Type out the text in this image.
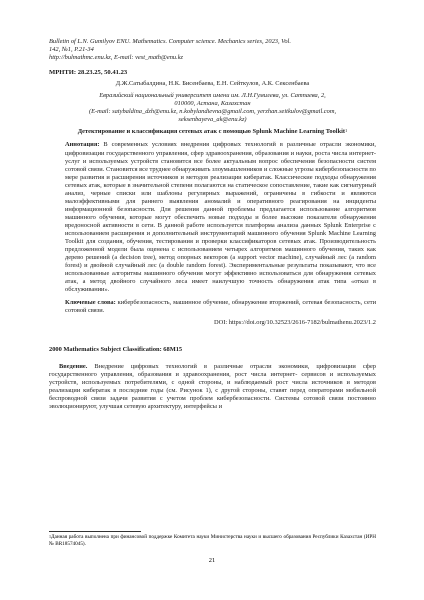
Bulletin of L.N. Gumilyov ENU. Mathematics. Computer science. Mechanics series, 2023, Vol.
142, №1, P.21-34
http://bulmathmc.enu.kz, E-mail: vest_math@enu.kz
МРНТИ: 28.23.25, 50.41.23
Д.Ж.Сатыбалдина, Н.К. Бисенбаева, Е.Н. Сейткулов, А.К. Сексенбаева
Евразийский национальный университет имени им. Л.Н.Гумилева, ул. Сатпаева, 2,
010000, Астана, Казахстан
(E-mail: satybaldina_dzh@enu.kz, n.kobylandievna@gmail.com, yerzhan.seitkulov@gmail.com,
seksenbayeva_ak@enu.kz)
Детектирование и классификация сетевых атак с помощью Splunk Machine Learning Toolkit$^1$
Аннотация: В современных условиях внедрения цифровых технологий в различные отрасли экономики, цифровизации государственного управления, сфер здравоохранения, образования и науки, роста числа интернет-услуг и используемых устройств становится все более актуальным вопрос обеспечения безопасности систем сотовой связи. Становится все труднее обнаруживать злоумышленников и сложные угрозы кибербезопасности по мере развития и расширения источников и методов реализации кибератак. Классические подходы обнаружения сетевых атак, которые в значительной степени полагаются на статическое сопоставление, такие как сигнатурный анализ, черные списки или шаблоны регулярных выражений, ограничены в гибкости и являются малоэффективными для раннего выявления аномалий и оперативного реагирования на инциденты информационной безопасности. Для решения данной проблемы предлагается использование алгоритмов машинного обучения, которые могут обеспечить новые подходы и более высокие показатели обнаружения вредоносной активности в сети. В данной работе используется платформа анализа данных Splunk Enterprise с использованием расширения и дополнительный инструментарий машинного обучения Splunk Machine Learning Toolkit для создания, обучения, тестирования и проверки классификаторов сетевых атак. Производительность предложенной модели была оценена с использованием четырех алгоритмов машинного обучения, таких как дерево решений (a decision tree), метод опорных векторов (a support vector machine), случайный лес (a random forest) и двойной случайный лес (a double random forest). Экспериментальные результаты показывают, что все использованные алгоритмы машинного обучения могут эффективно использоваться для обнаружения сетевых атак, а метод двойного случайного леса имеет наилучшую точность обнаружения атак типа «отказ в обслуживании».
Ключевые слова: кибербезопасность, машинное обучение, обнаружение вторжений, сетевая безопасность, сети сотовой связи.
DOI: https://doi.org/10.32523/2616-7182/bulmathenu.2023/1.2
2000 Mathematics Subject Classification: 68M15
Введение. Внедрение цифровых технологий в различные отрасли экономики, цифровизации сфер государственного управления, образования и здравоохранения, рост числа интернет- сервисов и используемых устройств, используемых потребителями, с одной стороны, и наблюдаемый рост числа источников и методов реализации кибератак в последние годы (см. Рисунок 1), с другой стороны, ставят перед операторами мобильной беспроводной связи задачи развития с учетом проблем кибербезопасности. Системы сотовой связи постоянно эволюционируют, улучшая сетевую архитектуру, интерфейсы и
$^1$Данная работа выполнена при финансовой поддержке Комитета науки Министерства науки и высшего образования Республики Казахстан (ИРН № BR18574045).
21
